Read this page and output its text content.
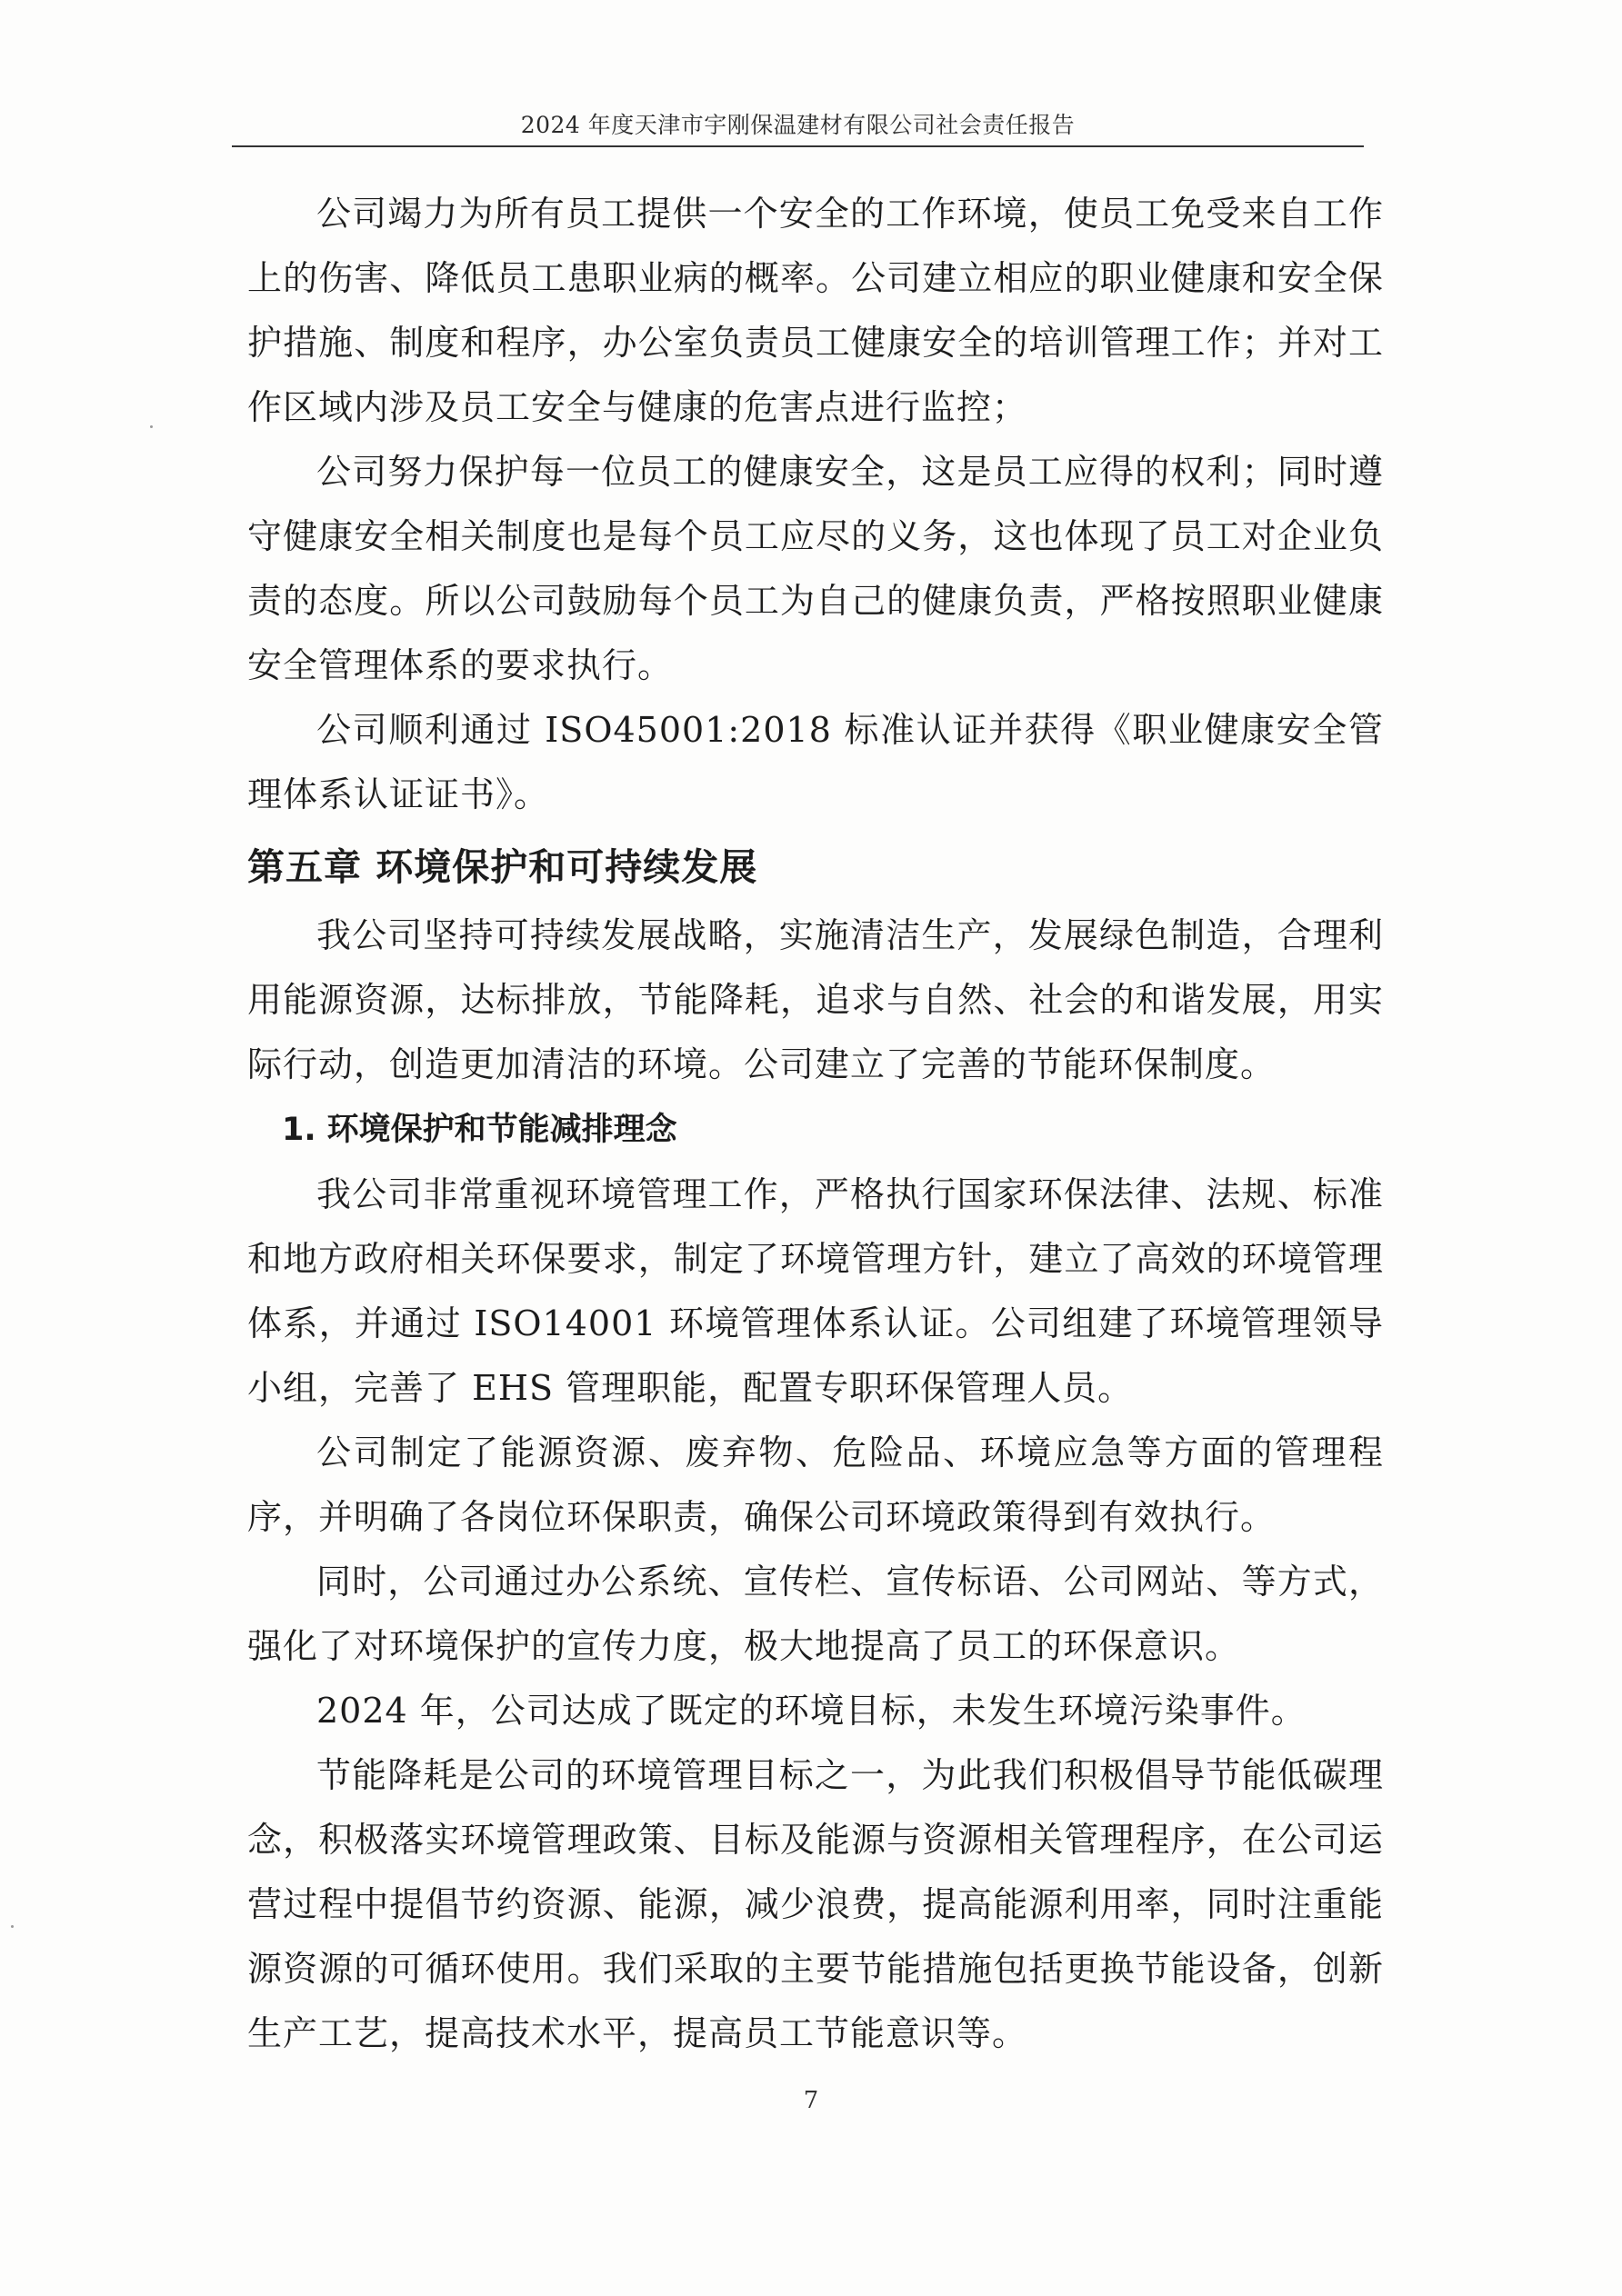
2024 年度天津市宇刚保温建材有限公司社会责任报告

公司竭力为所有员工提供一个安全的工作环境，使员工免受来自工作上的伤害、降低员工患职业病的概率。公司建立相应的职业健康和安全保护措施、制度和程序，办公室负责员工健康安全的培训管理工作；并对工作区域内涉及员工安全与健康的危害点进行监控；

公司努力保护每一位员工的健康安全，这是员工应得的权利；同时遵守健康安全相关制度也是每个员工应尽的义务，这也体现了员工对企业负责的态度。所以公司鼓励每个员工为自己的健康负责，严格按照职业健康安全管理体系的要求执行。

公司顺利通过 ISO45001:2018 标准认证并获得《职业健康安全管理体系认证证书》。

第五章 环境保护和可持续发展

我公司坚持可持续发展战略，实施清洁生产，发展绿色制造，合理利用能源资源，达标排放，节能降耗，追求与自然、社会的和谐发展，用实际行动，创造更加清洁的环境。公司建立了完善的节能环保制度。

1. 环境保护和节能减排理念

我公司非常重视环境管理工作，严格执行国家环保法律、法规、标准和地方政府相关环保要求，制定了环境管理方针，建立了高效的环境管理体系，并通过 ISO14001 环境管理体系认证。公司组建了环境管理领导小组，完善了 EHS 管理职能，配置专职环保管理人员。

公司制定了能源资源、废弃物、危险品、环境应急等方面的管理程序，并明确了各岗位环保职责，确保公司环境政策得到有效执行。

同时，公司通过办公系统、宣传栏、宣传标语、公司网站、等方式，强化了对环境保护的宣传力度，极大地提高了员工的环保意识。

2024 年，公司达成了既定的环境目标，未发生环境污染事件。

节能降耗是公司的环境管理目标之一，为此我们积极倡导节能低碳理念，积极落实环境管理政策、目标及能源与资源相关管理程序，在公司运营过程中提倡节约资源、能源，减少浪费，提高能源利用率，同时注重能源资源的可循环使用。我们采取的主要节能措施包括更换节能设备，创新生产工艺，提高技术水平，提高员工节能意识等。

7
